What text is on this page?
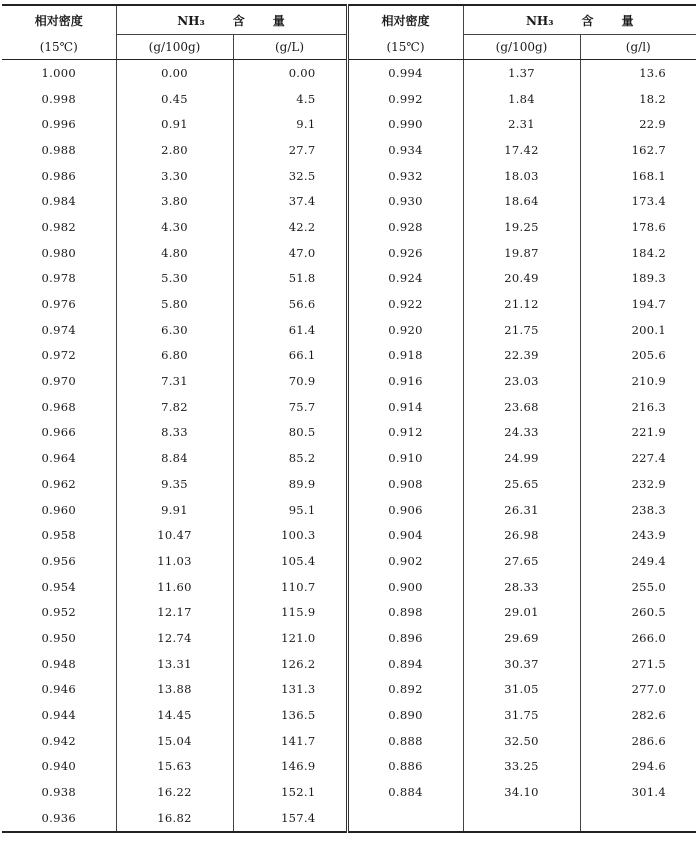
相对密度	NH₃ 含 量		相对密度	NH₃ 含 量	
(15℃)	(g/100g)	(g/L)	(15℃)	(g/100g)	(g/l)
1.000	0.00	0.00	0.994	1.37	13.6
0.998	0.45	4.5	0.992	1.84	18.2
0.996	0.91	9.1	0.990	2.31	22.9
0.988	2.80	27.7	0.934	17.42	162.7
0.986	3.30	32.5	0.932	18.03	168.1
0.984	3.80	37.4	0.930	18.64	173.4
0.982	4.30	42.2	0.928	19.25	178.6
0.980	4.80	47.0	0.926	19.87	184.2
0.978	5.30	51.8	0.924	20.49	189.3
0.976	5.80	56.6	0.922	21.12	194.7
0.974	6.30	61.4	0.920	21.75	200.1
0.972	6.80	66.1	0.918	22.39	205.6
0.970	7.31	70.9	0.916	23.03	210.9
0.968	7.82	75.7	0.914	23.68	216.3
0.966	8.33	80.5	0.912	24.33	221.9
0.964	8.84	85.2	0.910	24.99	227.4
0.962	9.35	89.9	0.908	25.65	232.9
0.960	9.91	95.1	0.906	26.31	238.3
0.958	10.47	100.3	0.904	26.98	243.9
0.956	11.03	105.4	0.902	27.65	249.4
0.954	11.60	110.7	0.900	28.33	255.0
0.952	12.17	115.9	0.898	29.01	260.5
0.950	12.74	121.0	0.896	29.69	266.0
0.948	13.31	126.2	0.894	30.37	271.5
0.946	13.88	131.3	0.892	31.05	277.0
0.944	14.45	136.5	0.890	31.75	282.6
0.942	15.04	141.7	0.888	32.50	286.6
0.940	15.63	146.9	0.886	33.25	294.6
0.938	16.22	152.1	0.884	34.10	301.4
0.936	16.82	157.4			
